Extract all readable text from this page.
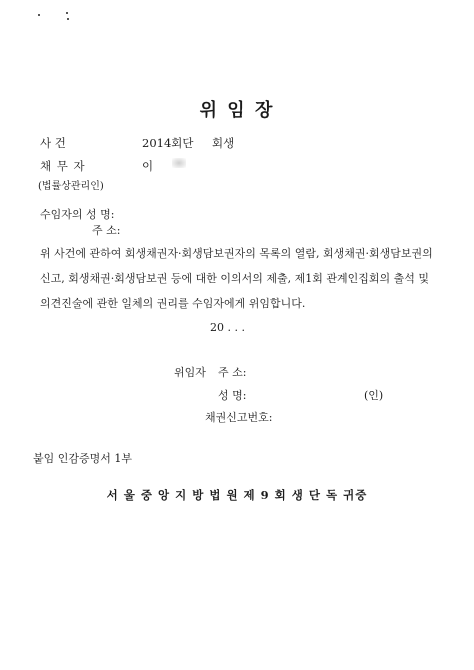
위 임 장
사 건	2014회단 회생
채 무 자	이
(법률상관리인)
수임자의 성 명:
주 소:
위 사건에 관하여 회생채권자·회생담보권자의 목록의 열람, 회생채권·회생담보권의 신고, 회생채권·회생담보권 등에 대한 이의서의 제출, 제1회 관계인집회의 출석 및 의견진술에 관한 일체의 권리를 수임자에게 위임합니다.
20 . . .
위임자 주 소:
성 명:	(인)
채권신고번호:
붙임 인감증명서 1부
서 울 중 앙 지 방 법 원 제 9 회 생 단 독 귀중
